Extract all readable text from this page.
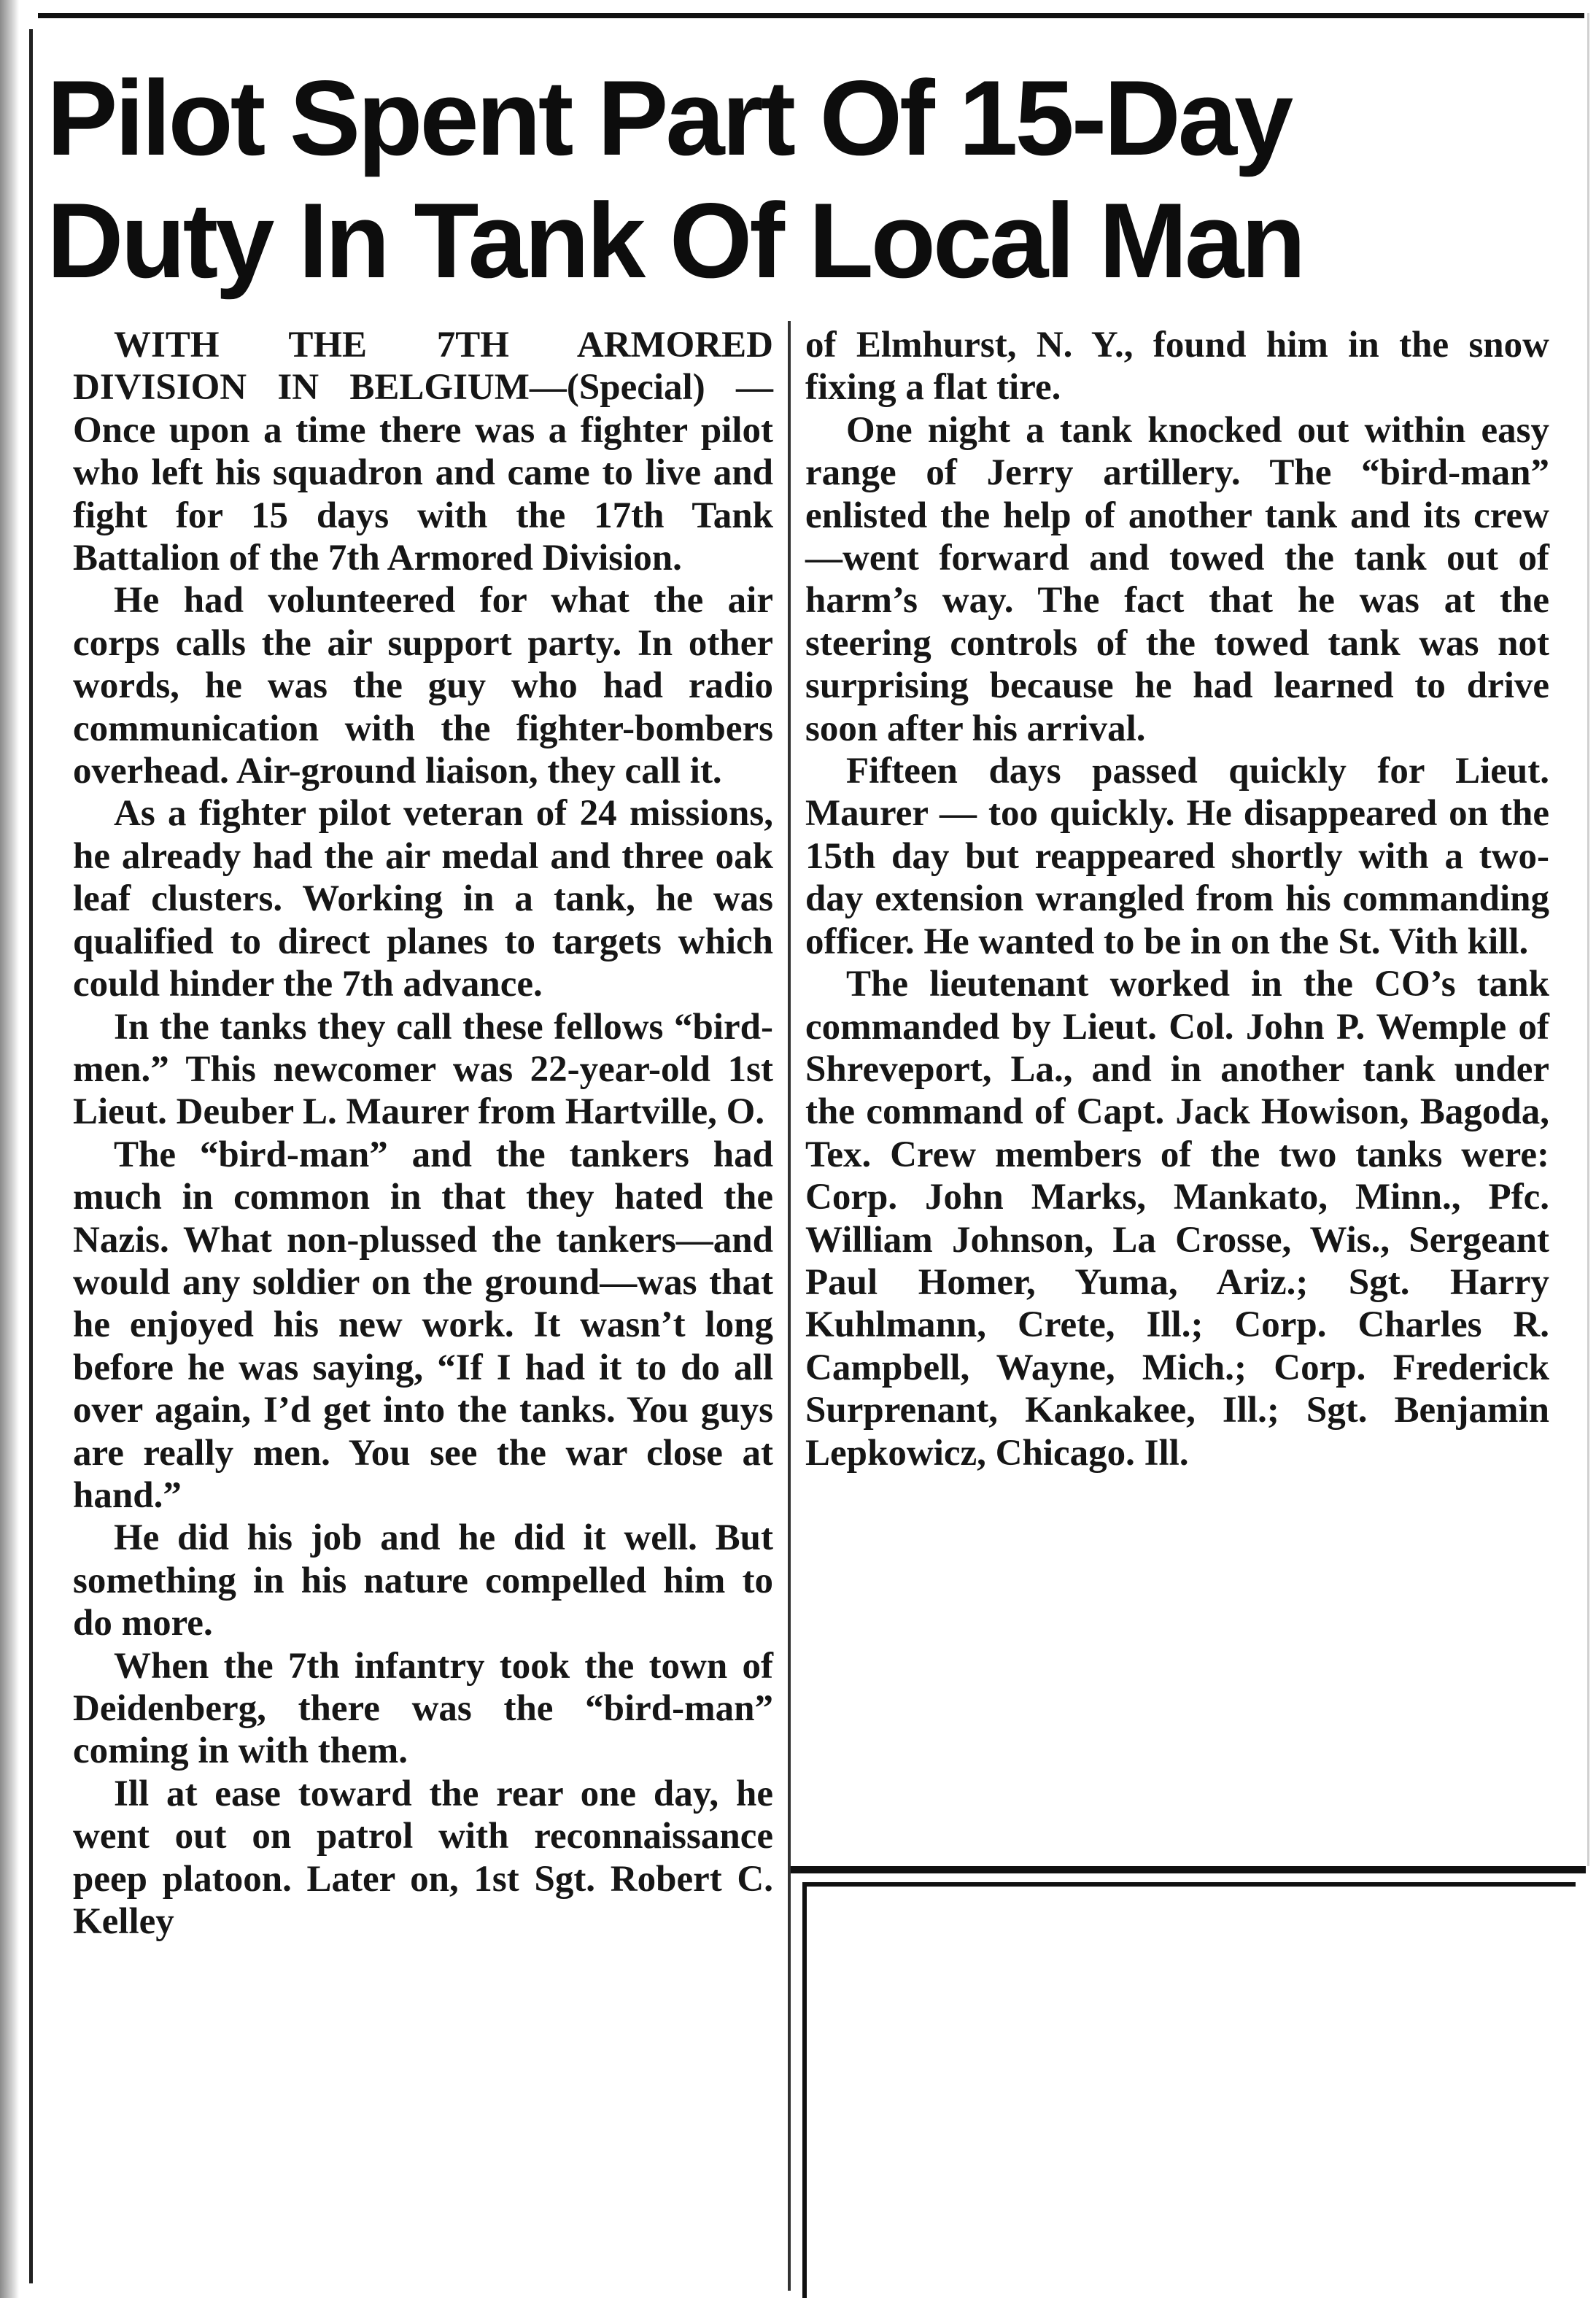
Pilot Spent Part Of 15-Day
Duty In Tank Of Local Man

WITH THE 7TH ARMORED DIVISION IN BELGIUM—(Special) —Once upon a time there was a fighter pilot who left his squadron and came to live and fight for 15 days with the 17th Tank Battalion of the 7th Armored Division.

He had volunteered for what the air corps calls the air support party. In other words, he was the guy who had radio communication with the fighter-bombers overhead. Air-ground liaison, they call it.

As a fighter pilot veteran of 24 missions, he already had the air medal and three oak leaf clusters. Working in a tank, he was qualified to direct planes to targets which could hinder the 7th advance.

In the tanks they call these fellows “bird-men.” This newcomer was 22-year-old 1st Lieut. Deuber L. Maurer from Hartville, O.

The “bird-man” and the tankers had much in common in that they hated the Nazis. What non-plussed the tankers—and would any soldier on the ground—was that he enjoyed his new work. It wasn’t long before he was saying, “If I had it to do all over again, I’d get into the tanks. You guys are really men. You see the war close at hand.”

He did his job and he did it well. But something in his nature compelled him to do more.

When the 7th infantry took the town of Deidenberg, there was the “bird-man” coming in with them.

Ill at ease toward the rear one day, he went out on patrol with reconnaissance peep platoon. Later on, 1st Sgt. Robert C. Kelley

of Elmhurst, N. Y., found him in the snow fixing a flat tire.

One night a tank knocked out within easy range of Jerry artillery. The “bird-man” enlisted the help of another tank and its crew —went forward and towed the tank out of harm’s way. The fact that he was at the steering controls of the towed tank was not surprising because he had learned to drive soon after his arrival.

Fifteen days passed quickly for Lieut. Maurer — too quickly. He disappeared on the 15th day but reappeared shortly with a two-day extension wrangled from his commanding officer. He wanted to be in on the St. Vith kill.

The lieutenant worked in the CO’s tank commanded by Lieut. Col. John P. Wemple of Shreveport, La., and in another tank under the command of Capt. Jack Howison, Bagoda, Tex. Crew members of the two tanks were: Corp. John Marks, Mankato, Minn., Pfc. William Johnson, La Crosse, Wis., Sergeant Paul Homer, Yuma, Ariz.; Sgt. Harry Kuhlmann, Crete, Ill.; Corp. Charles R. Campbell, Wayne, Mich.; Corp. Frederick Surprenant, Kankakee, Ill.; Sgt. Benjamin Lepkowicz, Chicago. Ill.
